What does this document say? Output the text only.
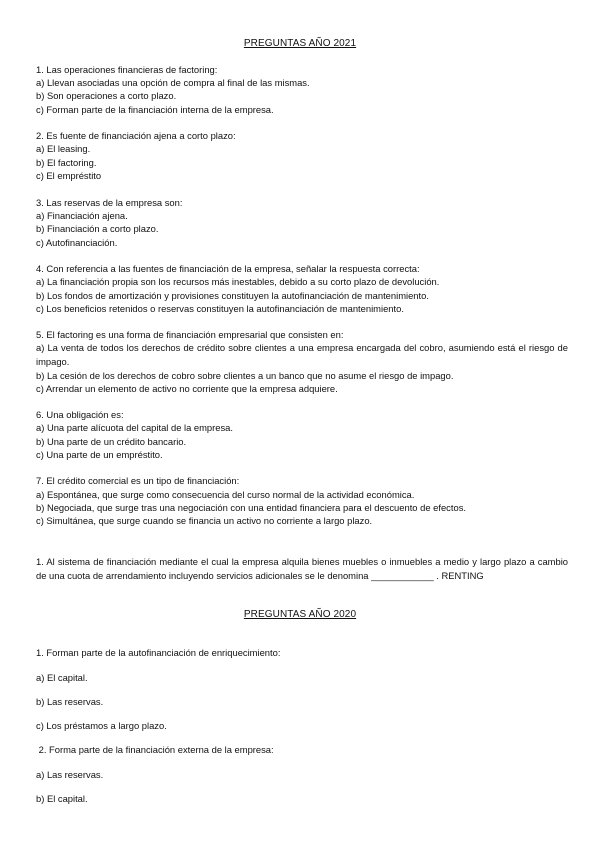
PREGUNTAS AÑO 2021
1. Las operaciones financieras de factoring:
a) Llevan asociadas una opción de compra al final de las mismas.
b) Son operaciones a corto plazo.
c) Forman parte de la financiación interna de la empresa.
2. Es fuente de financiación ajena a corto plazo:
a) El leasing.
b) El factoring.
c) El empréstito
3. Las reservas de la empresa son:
a) Financiación ajena.
b) Financiación a corto plazo.
c) Autofinanciación.
4. Con referencia a las fuentes de financiación de la empresa, señalar la respuesta correcta:
a) La financiación propia son los recursos más inestables, debido a su corto plazo de devolución.
b) Los fondos de amortización y provisiones constituyen la autofinanciación de mantenimiento.
c) Los beneficios retenidos o reservas constituyen la autofinanciación de mantenimiento.
5. El factoring es una forma de financiación empresarial que consisten en:
a) La venta de todos los derechos de crédito sobre clientes a una empresa encargada del cobro, asumiendo está el riesgo de impago.
b) La cesión de los derechos de cobro sobre clientes a un banco que no asume el riesgo de impago.
c) Arrendar un elemento de activo no corriente que la empresa adquiere.
6. Una obligación es:
a) Una parte alícuota del capital de la empresa.
b) Una parte de un crédito bancario.
c) Una parte de un empréstito.
7. El crédito comercial es un tipo de financiación:
a) Espontánea, que surge como consecuencia del curso normal de la actividad económica.
b) Negociada, que surge tras una negociación con una entidad financiera para el descuento de efectos.
c) Simultánea, que surge cuando se financia un activo no corriente a largo plazo.
1. Al sistema de financiación mediante el cual la empresa alquila bienes muebles o inmuebles a medio y largo plazo a cambio de una cuota de arrendamiento incluyendo servicios adicionales se le denomina ____________ . RENTING
PREGUNTAS AÑO 2020
1. Forman parte de la autofinanciación de enriquecimiento:
a) El capital.
b) Las reservas.
c) Los préstamos a largo plazo.
2. Forma parte de la financiación externa de la empresa:
a) Las reservas.
b) El capital.
